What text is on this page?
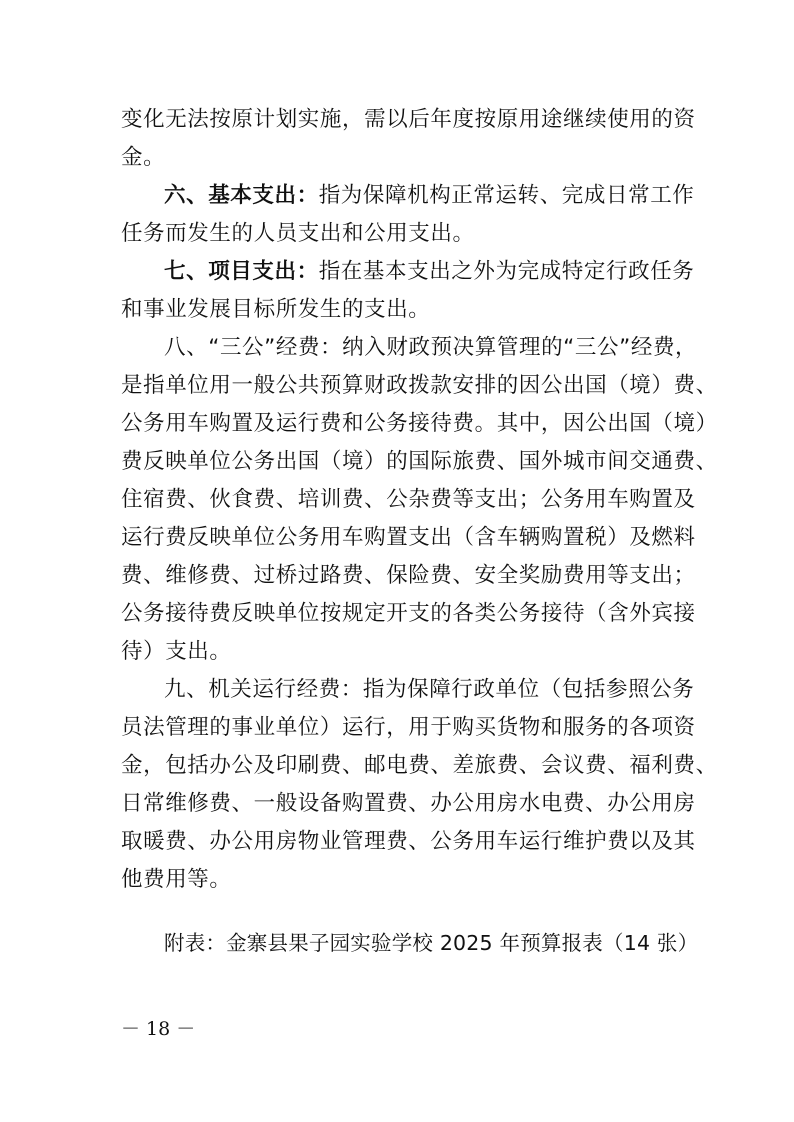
变化无法按原计划实施，需以后年度按原用途继续使用的资
金。
六、基本支出：指为保障机构正常运转、完成日常工作
任务而发生的人员支出和公用支出。
七、项目支出：指在基本支出之外为完成特定行政任务
和事业发展目标所发生的支出。
八、“三公”经费：纳入财政预决算管理的“三公”经费，
是指单位用一般公共预算财政拨款安排的因公出国（境）费、
公务用车购置及运行费和公务接待费。其中，因公出国（境）
费反映单位公务出国（境）的国际旅费、国外城市间交通费、
住宿费、伙食费、培训费、公杂费等支出；公务用车购置及
运行费反映单位公务用车购置支出（含车辆购置税）及燃料
费、维修费、过桥过路费、保险费、安全奖励费用等支出；
公务接待费反映单位按规定开支的各类公务接待（含外宾接
待）支出。
九、机关运行经费：指为保障行政单位（包括参照公务
员法管理的事业单位）运行，用于购买货物和服务的各项资
金，包括办公及印刷费、邮电费、差旅费、会议费、福利费、
日常维修费、一般设备购置费、办公用房水电费、办公用房
取暖费、办公用房物业管理费、公务用车运行维护费以及其
他费用等。
附表：金寨县果子园实验学校 2025 年预算报表（14 张）
－ 18 －
